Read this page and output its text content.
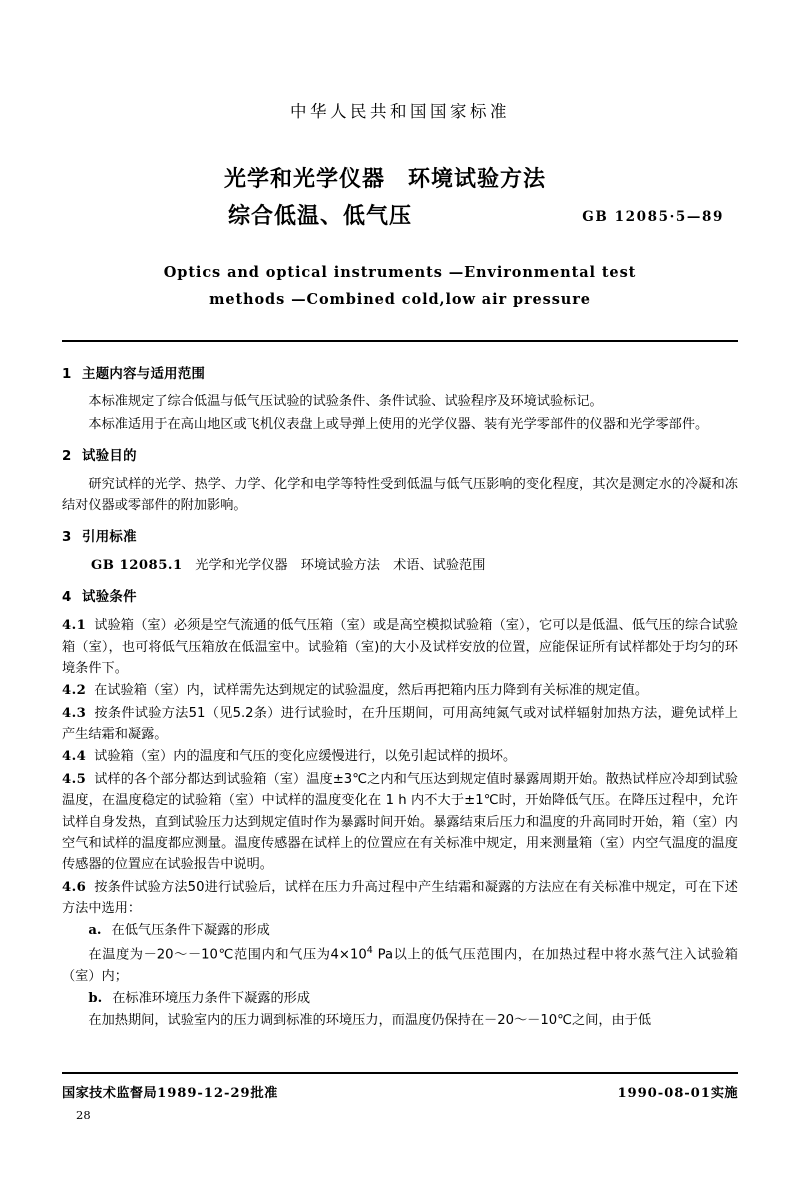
中华人民共和国国家标准
光学和光学仪器　环境试验方法
综合低温、低气压	GB 12085·5—89
Optics and optical instruments —Environmental test
methods —Combined cold,low air pressure
1 主题内容与适用范围

本标准规定了综合低温与低气压试验的试验条件、条件试验、试验程序及环境试验标记。

本标准适用于在高山地区或飞机仪表盘上或导弹上使用的光学仪器、装有光学零部件的仪器和光学零部件。

2 试验目的

研究试样的光学、热学、力学、化学和电学等特性受到低温与低气压影响的变化程度，其次是测定水的冷凝和冻结对仪器或零部件的附加影响。

3 引用标准

GB 12085.1 光学和光学仪器　环境试验方法　术语、试验范围

4 试验条件

4.1 试验箱（室）必须是空气流通的低气压箱（室）或是高空模拟试验箱（室），它可以是低温、低气压的综合试验箱（室），也可将低气压箱放在低温室中。试验箱（室)的大小及试样安放的位置，应能保证所有试样都处于均匀的环境条件下。

4.2 在试验箱（室）内，试样需先达到规定的试验温度，然后再把箱内压力降到有关标准的规定值。

4.3 按条件试验方法51（见5.2条）进行试验时，在升压期间，可用高纯氮气或对试样辐射加热方法，避免试样上产生结霜和凝露。

4.4 试验箱（室）内的温度和气压的变化应缓慢进行，以免引起试样的损坏。

4.5 试样的各个部分都达到试验箱（室）温度±3℃之内和气压达到规定值时暴露周期开始。散热试样应冷却到试验温度，在温度稳定的试验箱（室）中试样的温度变化在 1 h 内不大于±1℃时，开始降低气压。在降压过程中，允许试样自身发热，直到试验压力达到规定值时作为暴露时间开始。暴露结束后压力和温度的升高同时开始，箱（室）内空气和试样的温度都应测量。温度传感器在试样上的位置应在有关标准中规定，用来测量箱（室）内空气温度的温度传感器的位置应在试验报告中说明。

4.6 按条件试验方法50进行试验后，试样在压力升高过程中产生结霜和凝露的方法应在有关标准中规定，可在下述方法中选用：

a. 在低气压条件下凝露的形成

在温度为－20～－10℃范围内和气压为$4\times 10^4$ Pa以上的低气压范围内，在加热过程中将水蒸气注入试验箱（室）内；

b. 在标准环境压力条件下凝露的形成

在加热期间，试验室内的压力调到标准的环境压力，而温度仍保持在－20～－10℃之间，由于低

国家技术监督局1989-12-29批准	1990-08-01实施
28
